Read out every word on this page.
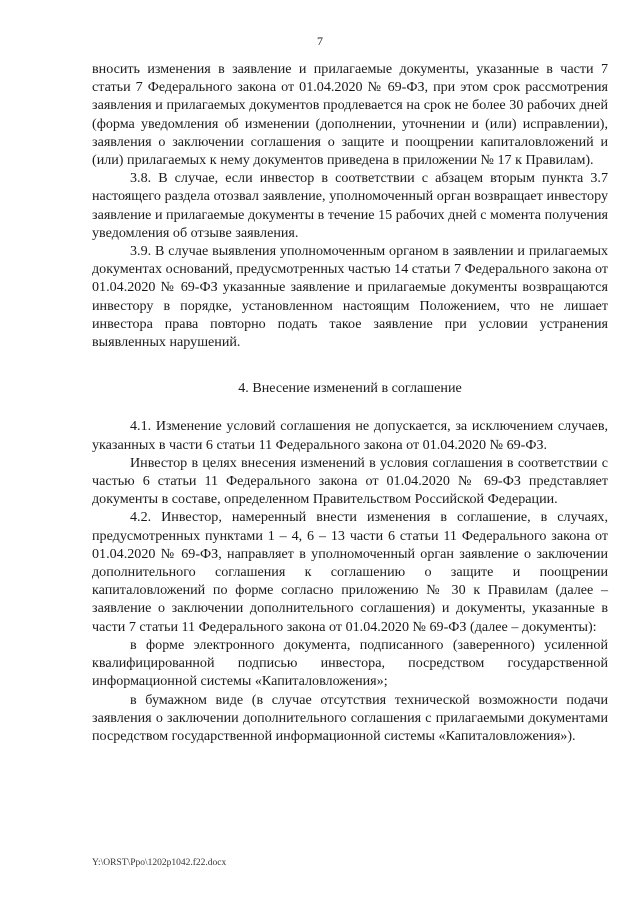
7

вносить изменения в заявление и прилагаемые документы, указанные в части 7 статьи 7 Федерального закона от 01.04.2020 № 69-ФЗ, при этом срок рассмотрения заявления и прилагаемых документов продлевается на срок не более 30 рабочих дней (форма уведомления об изменении (дополнении, уточнении и (или) исправлении), заявления о заключении соглашения о защите и поощрении капиталовложений и (или) прилагаемых к нему документов приведена в приложении № 17 к Правилам).

3.8. В случае, если инвестор в соответствии с абзацем вторым пункта 3.7 настоящего раздела отозвал заявление, уполномоченный орган возвращает инвестору заявление и прилагаемые документы в течение 15 рабочих дней с момента получения уведомления об отзыве заявления.

3.9. В случае выявления уполномоченным органом в заявлении и прилагаемых документах оснований, предусмотренных частью 14 статьи 7 Федерального закона от 01.04.2020 № 69-ФЗ указанные заявление и прилагаемые документы возвращаются инвестору в порядке, установленном настоящим Положением, что не лишает инвестора права повторно подать такое заявление при условии устранения выявленных нарушений.

4. Внесение изменений в соглашение

4.1. Изменение условий соглашения не допускается, за исключением случаев, указанных в части 6 статьи 11 Федерального закона от 01.04.2020 № 69-ФЗ.

Инвестор в целях внесения изменений в условия соглашения в соответствии с частью 6 статьи 11 Федерального закона от 01.04.2020 № 69-ФЗ представляет документы в составе, определенном Правительством Российской Федерации.

4.2. Инвестор, намеренный внести изменения в соглашение, в случаях, предусмотренных пунктами 1 – 4, 6 – 13 части 6 статьи 11 Федерального закона от 01.04.2020 № 69-ФЗ, направляет в уполномоченный орган заявление о заключении дополнительного соглашения к соглашению о защите и поощрении капиталовложений по форме согласно приложению № 30 к Правилам (далее – заявление о заключении дополнительного соглашения) и документы, указанные в части 7 статьи 11 Федерального закона от 01.04.2020 № 69-ФЗ (далее – документы):

в форме электронного документа, подписанного (заверенного) усиленной квалифицированной подписью инвестора, посредством государственной информационной системы «Капиталовложения»;

в бумажном виде (в случае отсутствия технической возможности подачи заявления о заключении дополнительного соглашения с прилагаемыми документами посредством государственной информационной системы «Капиталовложения»).

Y:\ORST\Ppo\1202p1042.f22.docx
